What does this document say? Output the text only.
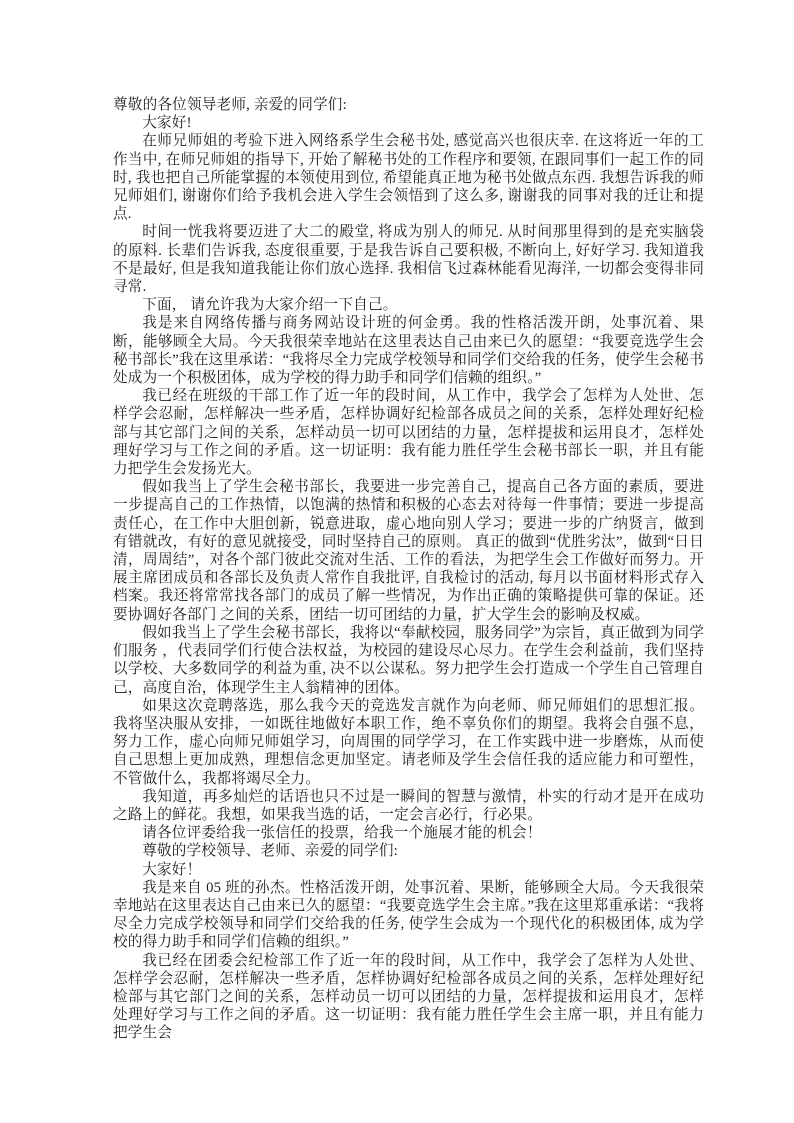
尊敬的各位领导老师, 亲爱的同学们:

大家好!

在师兄师姐的考验下进入网络系学生会秘书处, 感觉高兴也很庆幸. 在这将近一年的工作当中, 在师兄师姐的指导下, 开始了解秘书处的工作程序和要领, 在跟同事们一起工作的同时, 我也把自己所能掌握的本领使用到位, 希望能真正地为秘书处做点东西. 我想告诉我的师兄师姐们, 谢谢你们给予我机会进入学生会领悟到了这么多, 谢谢我的同事对我的迁让和提点.

时间一恍我将要迈进了大二的殿堂, 将成为别人的师兄. 从时间那里得到的是充实脑袋的原料. 长辈们告诉我, 态度很重要, 于是我告诉自己要积极, 不断向上, 好好学习. 我知道我不是最好, 但是我知道我能让你们放心选择. 我相信飞过森林能看见海洋, 一切都会变得非同寻常.

下面， 请允许我为大家介绍一下自己。

我是来自网络传播与商务网站设计班的何金勇。我的性格活泼开朗，处事沉着、果断，能够顾全大局。今天我很荣幸地站在这里表达自己由来已久的愿望：“我要竞选学生会秘书部长”我在这里承诺：“我将尽全力完成学校领导和同学们交给我的任务，使学生会秘书处成为一个积极团体，成为学校的得力助手和同学们信赖的组织。”

我已经在班级的干部工作了近一年的段时间，从工作中，我学会了怎样为人处世、怎样学会忍耐，怎样解决一些矛盾，怎样协调好纪检部各成员之间的关系，怎样处理好纪检部与其它部门之间的关系，怎样动员一切可以团结的力量，怎样提拔和运用良才，怎样处理好学习与工作之间的矛盾。这一切证明：我有能力胜任学生会秘书部长一职，并且有能力把学生会发扬光大。

假如我当上了学生会秘书部长，我要进一步完善自己，提高自己各方面的素质，要进一步提高自己的工作热情，以饱满的热情和积极的心态去对待每一件事情；要进一步提高责任心，在工作中大胆创新，锐意进取，虚心地向别人学习；要进一步的广纳贤言，做到有错就改，有好的意见就接受，同时坚持自己的原则。 真正的做到“优胜劣汰”，做到“日日清，周周结”，对各个部门彼此交流对生活、工作的看法，为把学生会工作做好而努力。开展主席团成员和各部长及负责人常作自我批评, 自我检讨的活动, 每月以书面材料形式存入档案。我还将常常找各部门的成员了解一些情况，为作出正确的策略提供可靠的保证。还要协调好各部门 之间的关系，团结一切可团结的力量，扩大学生会的影响及权威。

假如我当上了学生会秘书部长，我将以“奉献校园，服务同学”为宗旨，真正做到为同学们服务 ，代表同学们行使合法权益，为校园的建设尽心尽力。在学生会利益前，我们坚持以学校、大多数同学的利益为重, 决不以公谋私。努力把学生会打造成一个学生自己管理自己，高度自治，体现学生主人翁精神的团体。

如果这次竞聘落选，那么我今天的竞选发言就作为向老师、师兄师姐们的思想汇报。我将坚决服从安排，一如既往地做好本职工作，绝不辜负你们的期望。我将会自强不息，努力工作，虚心向师兄师姐学习，向周围的同学学习，在工作实践中进一步磨炼，从而使自己思想上更加成熟，理想信念更加坚定。请老师及学生会信任我的适应能力和可塑性，不管做什么，我都将竭尽全力。

我知道，再多灿烂的话语也只不过是一瞬间的智慧与激情，朴实的行动才是开在成功之路上的鲜花。我想，如果我当选的话，一定会言必行，行必果。

请各位评委给我一张信任的投票，给我一个施展才能的机会！

尊敬的学校领导、老师、亲爱的同学们:

大家好！

我是来自 05 班的孙杰。性格活泼开朗，处事沉着、果断，能够顾全大局。今天我很荣幸地站在这里表达自己由来已久的愿望：“我要竞选学生会主席。”我在这里郑重承诺：“我将尽全力完成学校领导和同学们交给我的任务, 使学生会成为一个现代化的积极团体, 成为学校的得力助手和同学们信赖的组织。”

我已经在团委会纪检部工作了近一年的段时间，从工作中，我学会了怎样为人处世、怎样学会忍耐，怎样解决一些矛盾，怎样协调好纪检部各成员之间的关系，怎样处理好纪检部与其它部门之间的关系，怎样动员一切可以团结的力量，怎样提拔和运用良才，怎样处理好学习与工作之间的矛盾。这一切证明：我有能力胜任学生会主席一职，并且有能力把学生会
